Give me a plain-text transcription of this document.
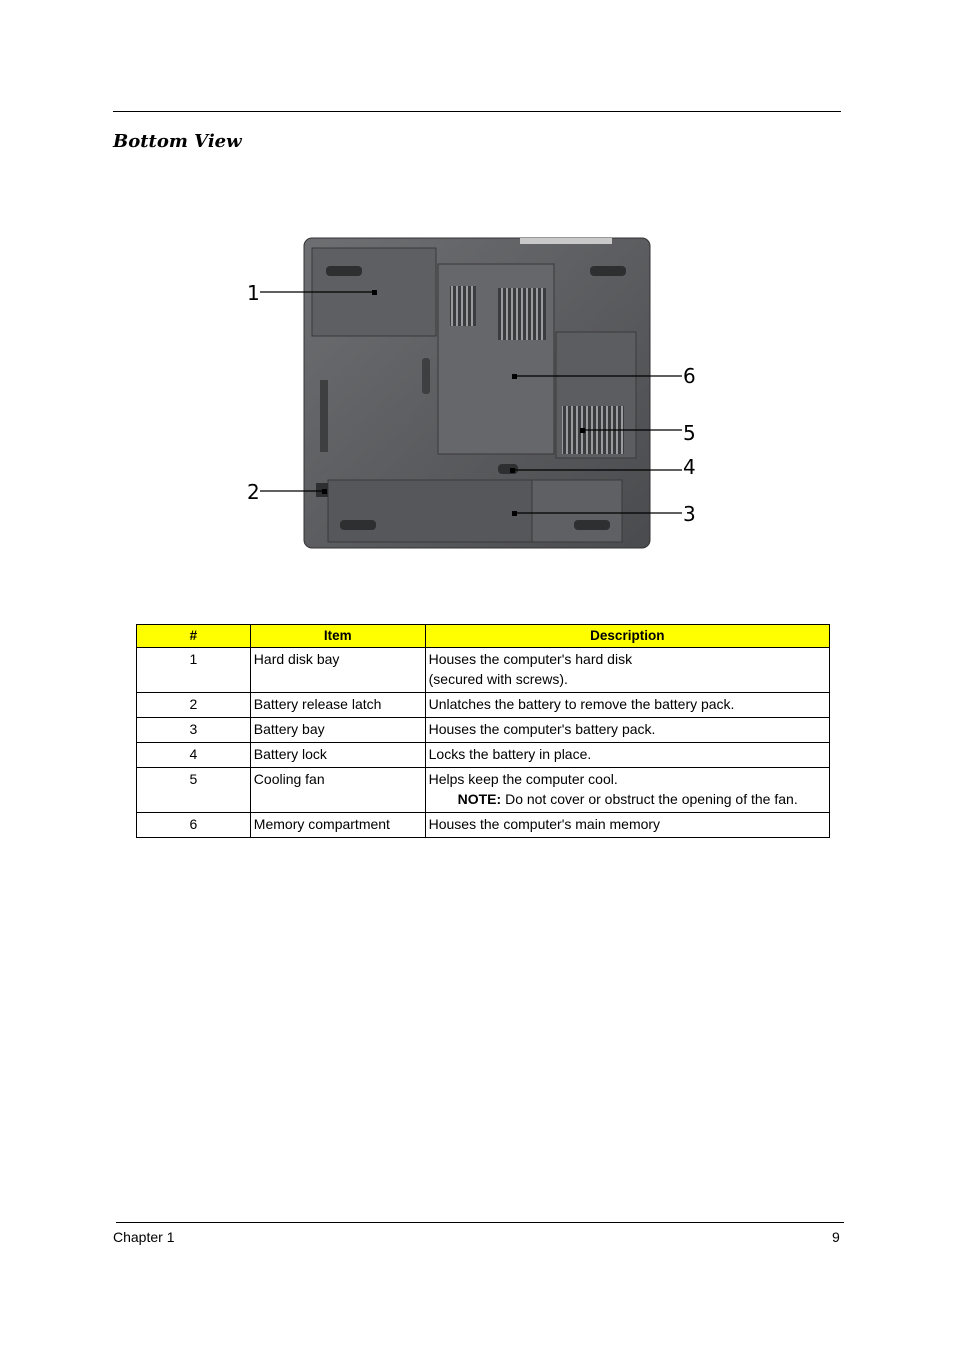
Bottom View
1
2
3
4
5
6
#	Item	Description
1	Hard disk bay	Houses the computer's hard disk
(secured with screws).

2	Battery release latch	Unlatches the battery to remove the battery pack.

3	Battery bay	Houses the computer's battery pack.

4	Battery lock	Locks the battery in place.

5	Cooling fan	Helps keep the computer cool.
NOTE: Do not cover or obstruct the opening of the fan.

6	Memory compartment	Houses the computer's main memory
Chapter 1	9
